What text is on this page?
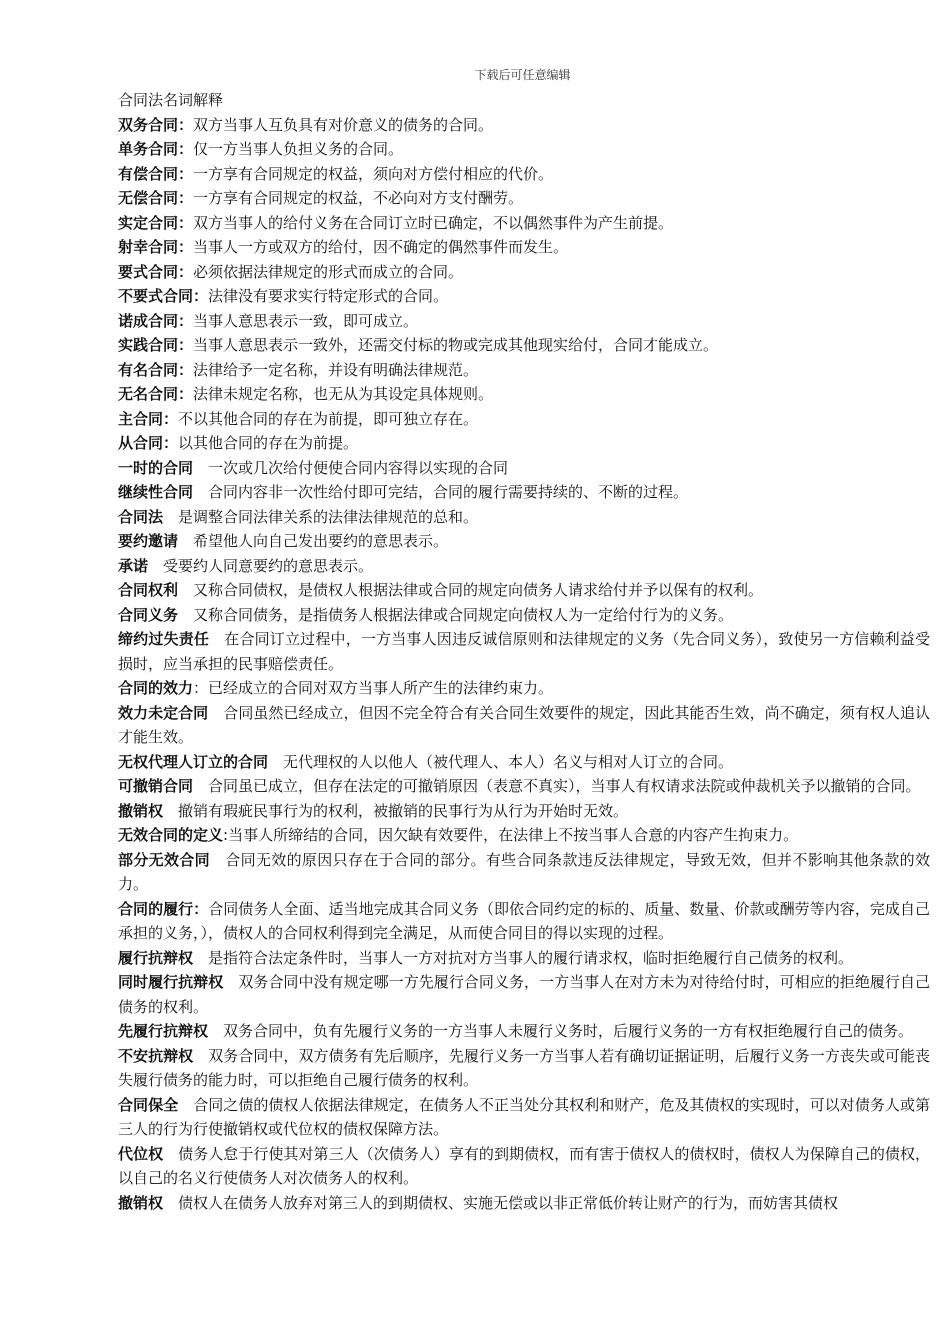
下载后可任意编辑

合同法名词解释

双务合同：双方当事人互负具有对价意义的债务的合同。

单务合同：仅一方当事人负担义务的合同。

有偿合同：一方享有合同规定的权益，须向对方偿付相应的代价。

无偿合同：一方享有合同规定的权益，不必向对方支付酬劳。

实定合同：双方当事人的给付义务在合同订立时已确定，不以偶然事件为产生前提。

射幸合同：当事人一方或双方的给付，因不确定的偶然事件而发生。

要式合同：必须依据法律规定的形式而成立的合同。

不要式合同：法律没有要求实行特定形式的合同。

诺成合同：当事人意思表示一致，即可成立。

实践合同：当事人意思表示一致外，还需交付标的物或完成其他现实给付，合同才能成立。

有名合同：法律给予一定名称，并设有明确法律规范。

无名合同：法律未规定名称，也无从为其设定具体规则。

主合同：不以其他合同的存在为前提，即可独立存在。

从合同：以其他合同的存在为前提。

一时的合同　 一次或几次给付便使合同内容得以实现的合同

继续性合同　 合同内容非一次性给付即可完结，合同的履行需要持续的、不断的过程。

合同法　 是调整合同法律关系的法律法律规范的总和。

要约邀请　 希望他人向自己发出要约的意思表示。

承诺　 受要约人同意要约的意思表示。

合同权利　 又称合同债权，是债权人根据法律或合同的规定向债务人请求给付并予以保有的权利。

合同义务　 又称合同债务，是指债务人根据法律或合同规定向债权人为一定给付行为的义务。

缔约过失责任　 在合同订立过程中，一方当事人因违反诚信原则和法律规定的义务（先合同义务），致使另一方信赖利益受损时，应当承担的民事赔偿责任。

合同的效力：已经成立的合同对双方当事人所产生的法律约束力。

效力未定合同　 合同虽然已经成立，但因不完全符合有关合同生效要件的规定，因此其能否生效，尚不确定，须有权人追认才能生效。

无权代理人订立的合同　 无代理权的人以他人（被代理人、本人）名义与相对人订立的合同。

可撤销合同　 合同虽已成立，但存在法定的可撤销原因（表意不真实），当事人有权请求法院或仲裁机关予以撤销的合同。

撤销权　 撤销有瑕疵民事行为的权利，被撤销的民事行为从行为开始时无效。

无效合同的定义:当事人所缔结的合同，因欠缺有效要件，在法律上不按当事人合意的内容产生拘束力。

部分无效合同　 合同无效的原因只存在于合同的部分。有些合同条款违反法律规定，导致无效，但并不影响其他条款的效力。

合同的履行：合同债务人全面、适当地完成其合同义务（即依合同约定的标的、质量、数量、价款或酬劳等内容，完成自己承担的义务，），债权人的合同权利得到完全满足，从而使合同目的得以实现的过程。

履行抗辩权　 是指符合法定条件时，当事人一方对抗对方当事人的履行请求权，临时拒绝履行自己债务的权利。

同时履行抗辩权　 双务合同中没有规定哪一方先履行合同义务，一方当事人在对方未为对待给付时，可相应的拒绝履行自己债务的权利。

先履行抗辩权　 双务合同中，负有先履行义务的一方当事人未履行义务时，后履行义务的一方有权拒绝履行自己的债务。

不安抗辩权　 双务合同中，双方债务有先后顺序，先履行义务一方当事人若有确切证据证明，后履行义务一方丧失或可能丧失履行债务的能力时，可以拒绝自己履行债务的权利。

合同保全　 合同之债的债权人依据法律规定，在债务人不正当处分其权利和财产，危及其债权的实现时，可以对债务人或第三人的行为行使撤销权或代位权的债权保障方法。

代位权　 债务人怠于行使其对第三人（次债务人）享有的到期债权，而有害于债权人的债权时，债权人为保障自己的债权，以自己的名义行使债务人对次债务人的权利。

撤销权　 债权人在债务人放弃对第三人的到期债权、实施无偿或以非正常低价转让财产的行为，而妨害其债权
